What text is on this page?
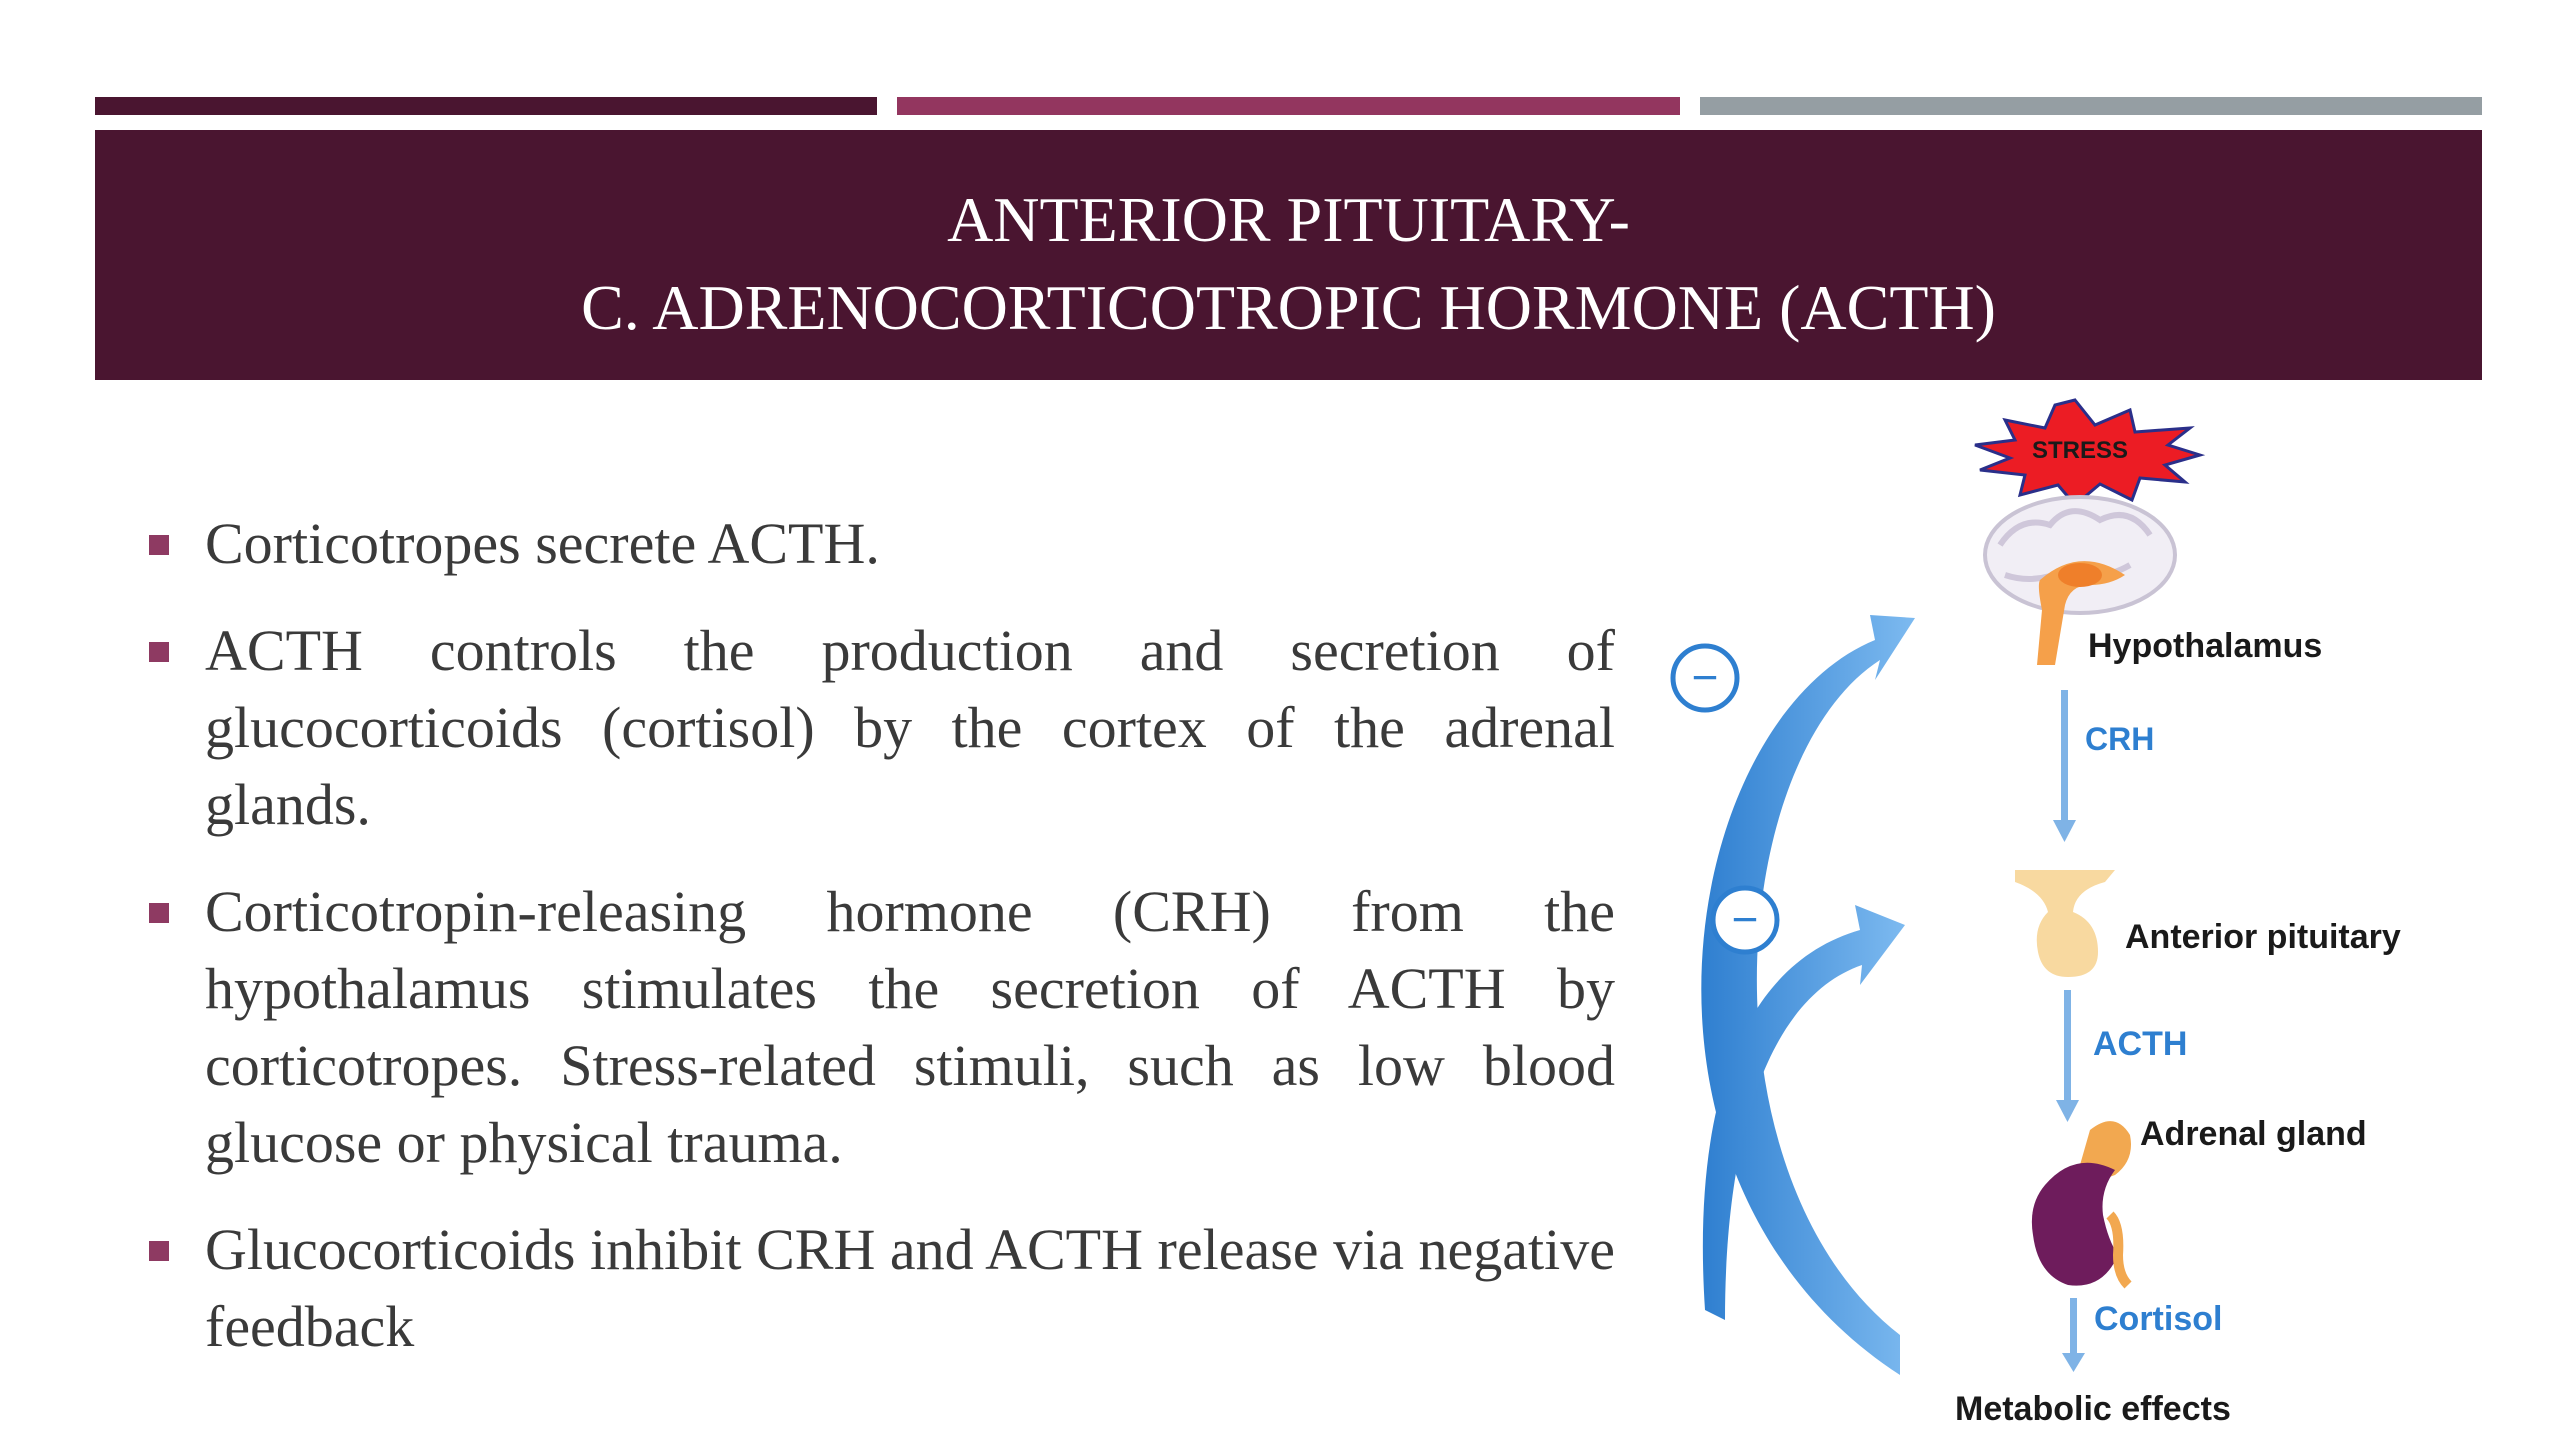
ANTERIOR PITUITARY-
C. ADRENOCORTICOTROPIC HORMONE (ACTH)
Corticotropes secrete ACTH.
ACTH controls the production and secretion of glucocorticoids (cortisol) by the cortex of the adrenal glands.
Corticotropin-releasing hormone (CRH) from the hypothalamus stimulates the secretion of ACTH by corticotropes. Stress-related stimuli, such as low blood glucose or physical trauma.
Glucocorticoids inhibit CRH and ACTH release via negative feedback
STRESS
Hypothalamus
CRH
Anterior pituitary
ACTH
Adrenal gland
Cortisol
Metabolic effects
−
−
